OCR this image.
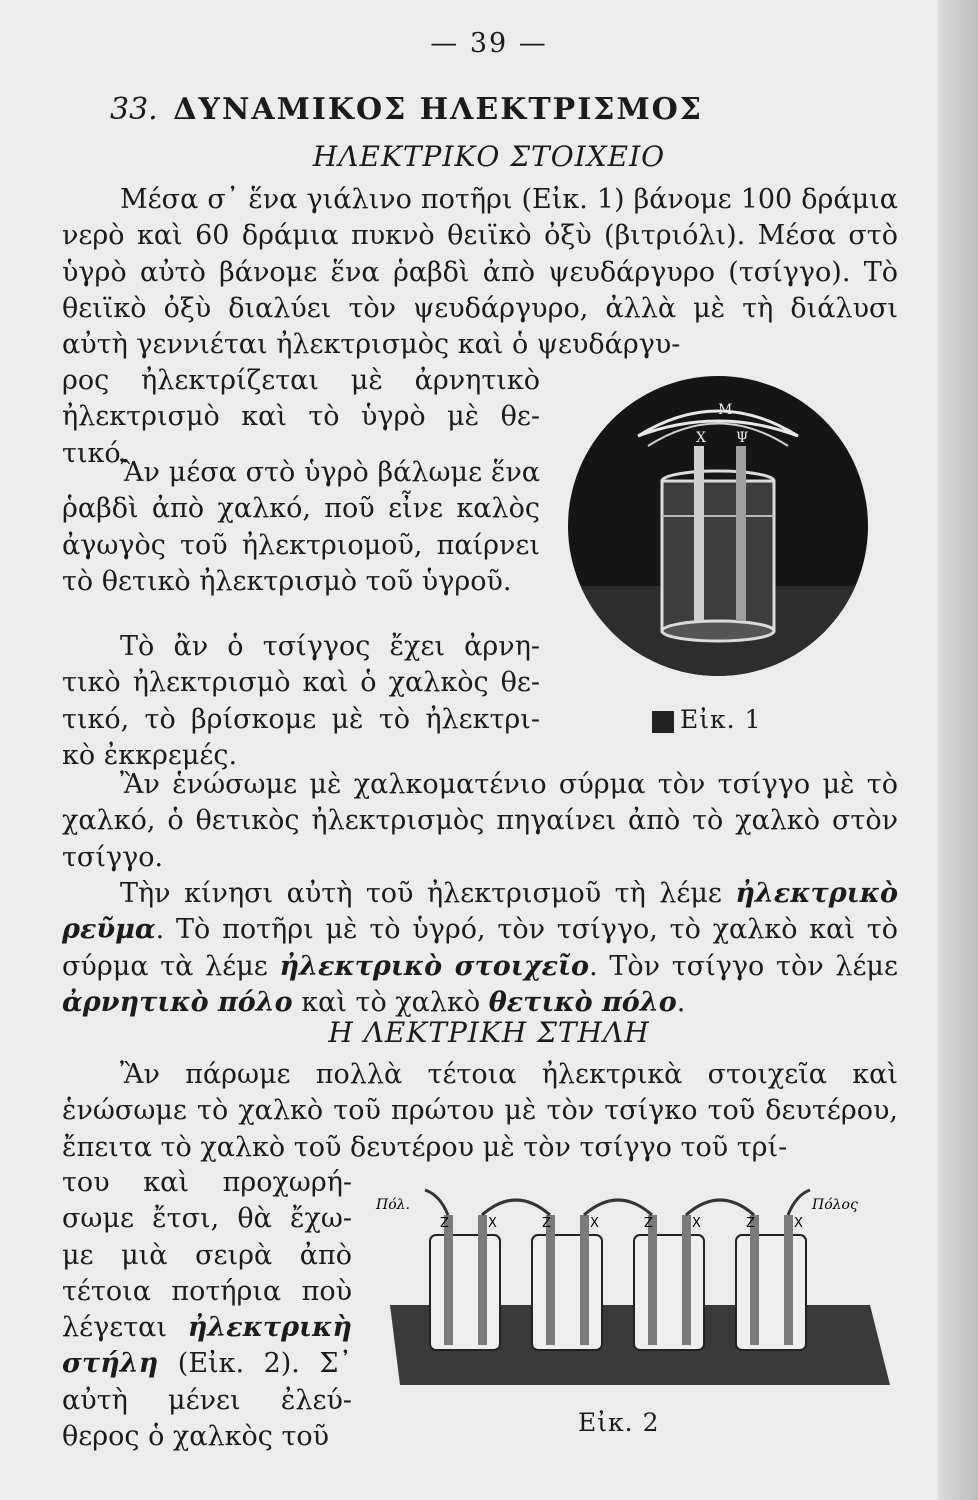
— 39 —
33. ΔΥΝΑΜΙΚΟΣ ΗΛΕΚΤΡΙΣΜΟΣ
ΗΛΕΚΤΡΙΚΟ ΣΤΟΙΧΕΙΟ
Μέσα σ᾽ ἕνα γιάλινο ποτῆρι (Εἰκ. 1) βάνομε 100 δράμια νερὸ καὶ 60 δράμια πυκνὸ θειϊκὸ ὀξὺ (βιτριόλι). Μέσα στὸ ὑγρὸ αὐτὸ βάνομε ἕνα ῥαβδὶ ἀπὸ ψευδάργυρο (τσίγγο). Τὸ θειϊκὸ ὀξὺ διαλύει τὸν ψευδάργυρο, ἀλλὰ μὲ τὴ διάλυσι αὐτὴ γεννιέται ἠλεκτρισμὸς καὶ ὁ ψευδάργυ-
ρος ἠλεκτρίζεται μὲ ἀρνητικὸ ἠλεκτρισμὸ καὶ τὸ ὑγρὸ μὲ θε- τικό.
Ἂν μέσα στὸ ὑγρὸ βάλωμε ἕνα ῥαβδὶ ἀπὸ χαλκό, ποῦ εἶνε καλὸς ἀγωγὸς τοῦ ἠλεκτριομοῦ, παίρνει τὸ θετικὸ ἠλεκτρισμὸ τοῦ ὑγροῦ.
Τὸ ἂν ὁ τσίγγος ἔχει ἀρνη- τικὸ ἠλεκτρισμὸ καὶ ὁ χαλκὸς θε- τικό, τὸ βρίσκομε μὲ τὸ ἠλεκτρι- κὸ ἐκκρεμές.
M
X Ψ
Εἰκ. 1
Ἂν ἑνώσωμε μὲ χαλκοματένιο σύρμα τὸν τσίγγο μὲ τὸ χαλκό, ὁ θετικὸς ἠλεκτρισμὸς πηγαίνει ἀπὸ τὸ χαλκὸ στὸν τσίγγο.
Τὴν κίνησι αὐτὴ τοῦ ἠλεκτρισμοῦ τὴ λέμε ἠλεκτρικὸ ρεῦμα. Τὸ ποτῆρι μὲ τὸ ὑγρό, τὸν τσίγγο, τὸ χαλκὸ καὶ τὸ σύρμα τὰ λέμε ἠλεκτρικὸ στοιχεῖο. Τὸν τσίγγο τὸν λέμε ἀρνητικὸ πόλο καὶ τὸ χαλκὸ θετικὸ πόλο.
Η ΛΕΚΤΡΙΚΗ ΣΤΗΛΗ
Ἂν πάρωμε πολλὰ τέτοια ἠλεκτρικὰ στοιχεῖα καὶ ἑνώσωμε τὸ χαλκὸ τοῦ πρώτου μὲ τὸν τσίγκο τοῦ δευτέρου, ἔπειτα τὸ χαλκὸ τοῦ δευτέρου μὲ τὸν τσίγγο τοῦ τρί-
του καὶ προχωρή- σωμε ἔτσι, θὰ ἔχω- με μιὰ σειρὰ ἀπὸ τέτοια ποτήρια ποὺ λέγεται ἠλεκτρικὴ στήλη (Εἰκ. 2). Σ᾽ αὐτὴ μένει ἐλεύ- θερος ὁ χαλκὸς τοῦ
Πόλ.	Πόλος
Z	X	Z	X	Z	X	Z	X
Εἰκ. 2
